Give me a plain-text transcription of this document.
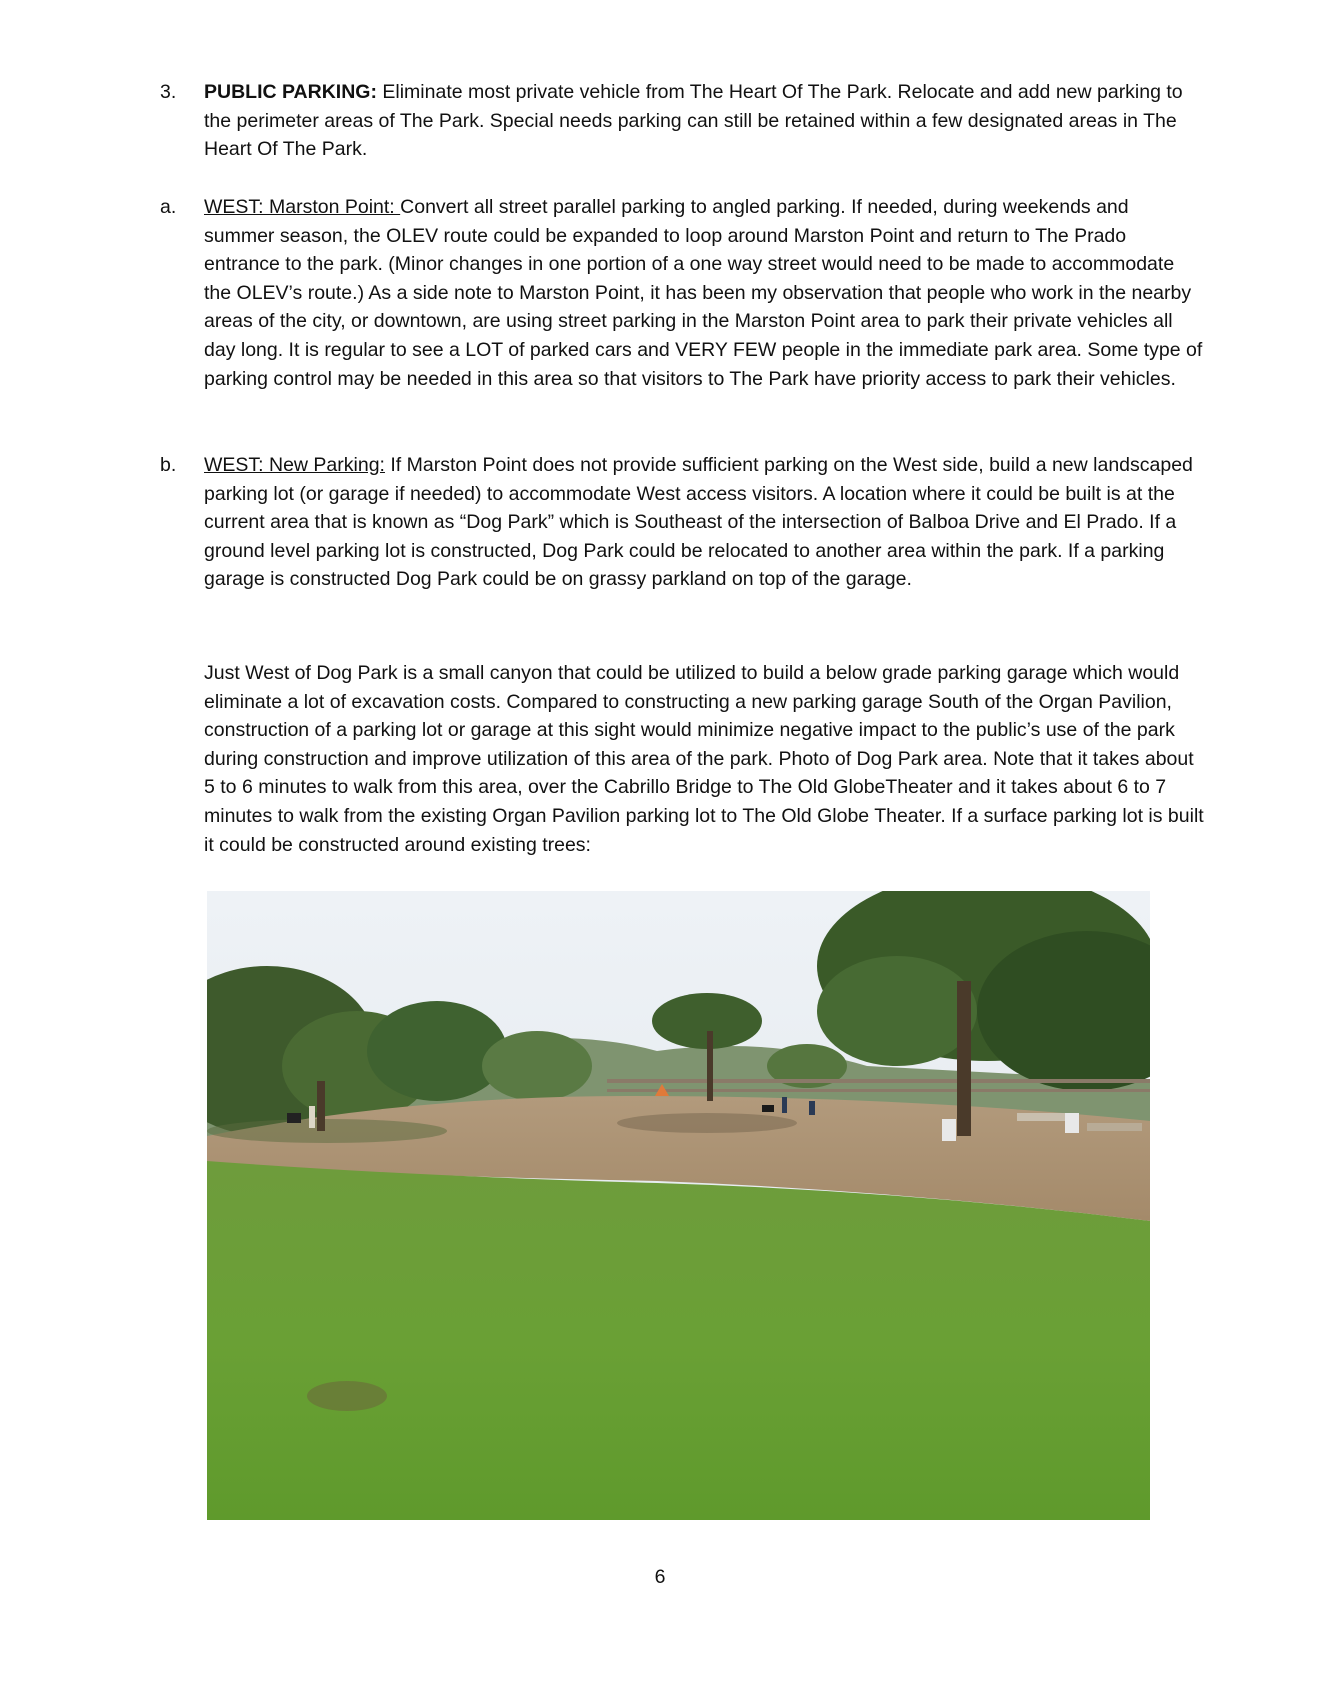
3.	PUBLIC PARKING: Eliminate most private vehicle from The Heart Of The Park. Relocate and add new parking to the perimeter areas of The Park. Special needs parking can still be retained within a few designated areas in The Heart Of The Park.
a.	WEST: Marston Point: Convert all street parallel parking to angled parking. If needed, during weekends and summer season, the OLEV route could be expanded to loop around Marston Point and return to The Prado entrance to the park. (Minor changes in one portion of a one way street would need to be made to accommodate the OLEV’s route.) As a side note to Marston Point, it has been my observation that people who work in the nearby areas of the city, or downtown, are using street parking in the Marston Point area to park their private vehicles all day long. It is regular to see a LOT of parked cars and VERY FEW people in the immediate park area. Some type of parking control may be needed in this area so that visitors to The Park have priority access to park their vehicles.
b.	WEST: New Parking: If Marston Point does not provide sufficient parking on the West side, build a new landscaped parking lot (or garage if needed) to accommodate West access visitors. A location where it could be built is at the current area that is known as “Dog Park” which is Southeast of the intersection of Balboa Drive and El Prado. If a ground level parking lot is constructed, Dog Park could be relocated to another area within the park. If a parking garage is constructed Dog Park could be on grassy parkland on top of the garage.
Just West of Dog Park is a small canyon that could be utilized to build a below grade parking garage which would eliminate a lot of excavation costs. Compared to constructing a new parking garage South of the Organ Pavilion, construction of a parking lot or garage at this sight would minimize negative impact to the public’s use of the park during construction and improve utilization of this area of the park. Photo of Dog Park area. Note that it takes about 5 to 6 minutes to walk from this area, over the Cabrillo Bridge to The Old GlobeTheater and it takes about 6 to 7 minutes to walk from the existing Organ Pavilion parking lot to The Old Globe Theater. If a surface parking lot is built it could be constructed around existing trees:
6
